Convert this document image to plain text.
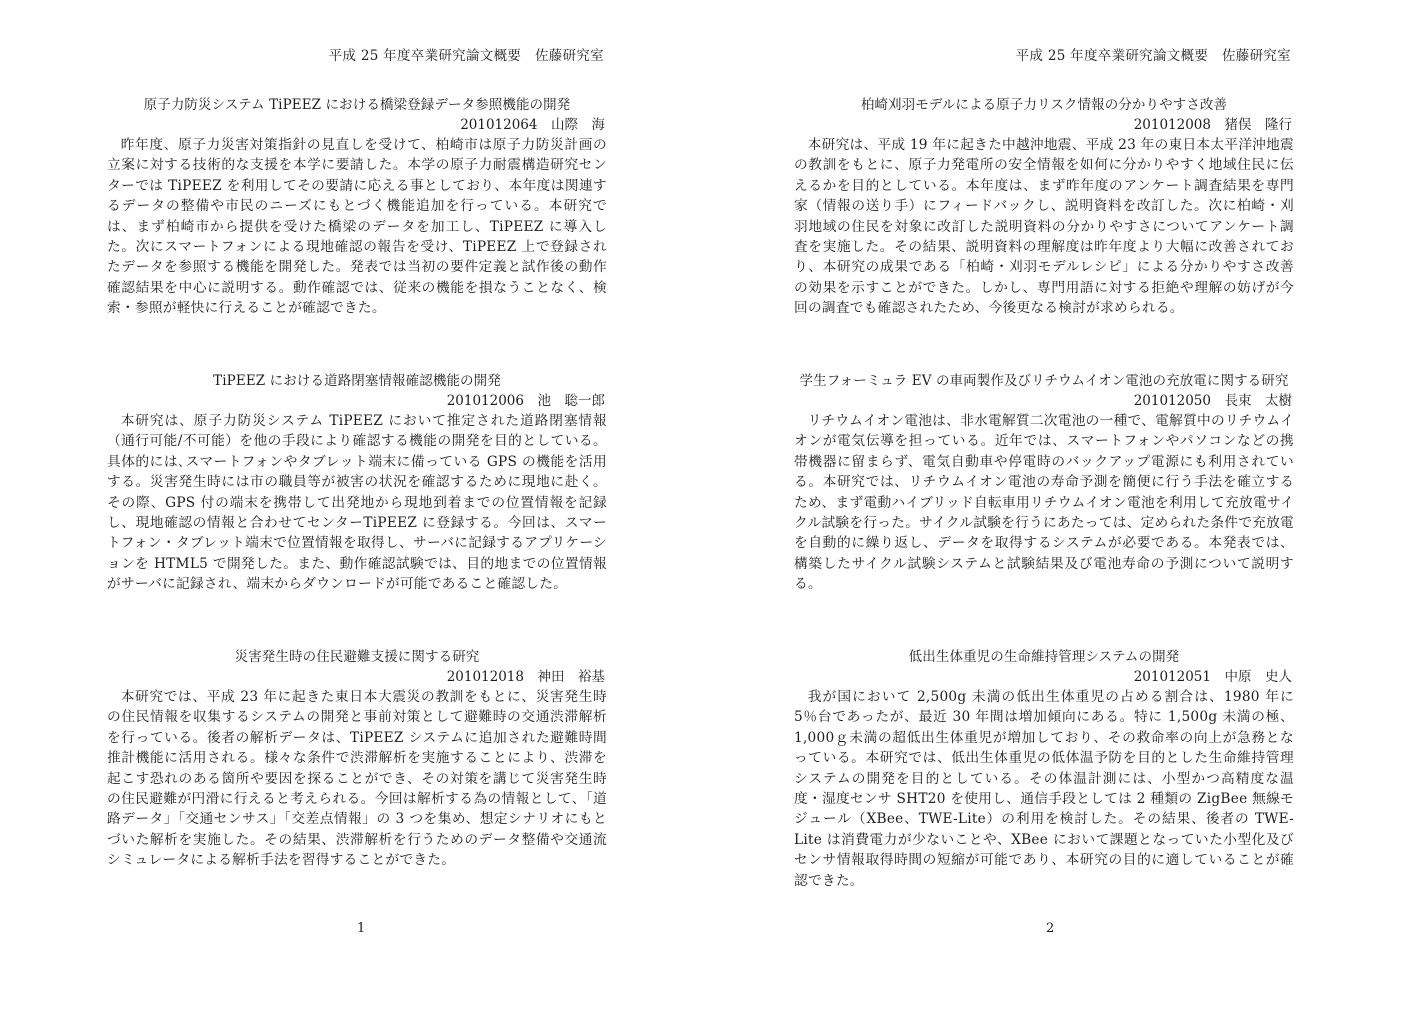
平成 25 年度卒業研究論文概要　佐藤研究室
原子力防災システム TiPEEZ における橋梁登録データ参照機能の開発
201012064　山際　海

昨年度、原子力災害対策指針の見直しを受けて、柏崎市は原子力防災計画の立案に対する技術的な支援を本学に要請した。本学の原子力耐震構造研究センターでは TiPEEZ を利用してその要請に応える事としており、本年度は関連するデータの整備や市民のニーズにもとづく機能追加を行っている。本研究では、まず柏崎市から提供を受けた橋梁のデータを加工し、TiPEEZ に導入した。次にスマートフォンによる現地確認の報告を受け、TiPEEZ 上で登録されたデータを参照する機能を開発した。発表では当初の要件定義と試作後の動作確認結果を中心に説明する。動作確認では、従来の機能を損なうことなく、検索・参照が軽快に行えることが確認できた。

TiPEEZ における道路閉塞情報確認機能の開発
201012006　池　聡一郎

本研究は、原子力防災システム TiPEEZ において推定された道路閉塞情報（通行可能/不可能）を他の手段により確認する機能の開発を目的としている。具体的には､スマートフォンやタブレット端末に備っている GPS の機能を活用する。災害発生時には市の職員等が被害の状況を確認するために現地に赴く。その際、GPS 付の端末を携帯して出発地から現地到着までの位置情報を記録し、現地確認の情報と合わせてセンターTiPEEZ に登録する。今回は、スマートフォン・タブレット端末で位置情報を取得し、サーバに記録するアプリケーションを HTML5 で開発した。また、動作確認試験では、目的地までの位置情報がサーバに記録され、端末からダウンロードが可能であること確認した。

災害発生時の住民避難支援に関する研究
201012018　神田　裕基

本研究では、平成 23 年に起きた東日本大震災の教訓をもとに、災害発生時の住民情報を収集するシステムの開発と事前対策として避難時の交通渋滞解析を行っている。後者の解析データは、TiPEEZ システムに追加された避難時間推計機能に活用される。様々な条件で渋滞解析を実施することにより、渋滞を起こす恐れのある箇所や要因を探ることができ、その対策を講じて災害発生時の住民避難が円滑に行えると考えられる。今回は解析する為の情報として、「道路データ」「交通センサス」「交差点情報」の 3 つを集め、想定シナリオにもとづいた解析を実施した。その結果、渋滞解析を行うためのデータ整備や交通流シミュレータによる解析手法を習得することができた。

1
平成 25 年度卒業研究論文概要　佐藤研究室
柏崎刈羽モデルによる原子力リスク情報の分かりやすさ改善
201012008　猪俣　隆行

本研究は、平成 19 年に起きた中越沖地震、平成 23 年の東日本太平洋沖地震の教訓をもとに、原子力発電所の安全情報を如何に分かりやすく地域住民に伝えるかを目的としている。本年度は、まず昨年度のアンケート調査結果を専門家（情報の送り手）にフィードバックし、説明資料を改訂した。次に柏崎・刈羽地域の住民を対象に改訂した説明資料の分かりやすさについてアンケート調査を実施した。その結果、説明資料の理解度は昨年度より大幅に改善されており、本研究の成果である「柏崎・刈羽モデルレシピ」による分かりやすさ改善の効果を示すことができた。しかし、専門用語に対する拒絶や理解の妨げが今回の調査でも確認されたため、今後更なる検討が求められる。

学生フォーミュラ EV の車両製作及びリチウムイオン電池の充放電に関する研究
201012050　長束　太樹

リチウムイオン電池は、非水電解質二次電池の一種で、電解質中のリチウムイオンが電気伝導を担っている。近年では、スマートフォンやパソコンなどの携帯機器に留まらず、電気自動車や停電時のバックアップ電源にも利用されている。本研究では、リチウムイオン電池の寿命予測を簡便に行う手法を確立するため、まず電動ハイブリッド自転車用リチウムイオン電池を利用して充放電サイクル試験を行った。サイクル試験を行うにあたっては、定められた条件で充放電を自動的に繰り返し、データを取得するシステムが必要である。本発表では、構築したサイクル試験システムと試験結果及び電池寿命の予測について説明する。

低出生体重児の生命維持管理システムの開発
201012051　中原　史人

我が国において 2,500g 未満の低出生体重児の占める割合は、1980 年に 5％台であったが、最近 30 年間は増加傾向にある。特に 1,500g 未満の極、1,000ｇ未満の超低出生体重児が増加しており、その救命率の向上が急務となっている。本研究では、低出生体重児の低体温予防を目的とした生命維持管理システムの開発を目的としている。その体温計測には、小型かつ高精度な温度・湿度センサ SHT20 を使用し、通信手段としては 2 種類の ZigBee 無線モジュール（XBee、TWE-Lite）の利用を検討した。その結果、後者の TWE-Lite は消費電力が少ないことや、XBee において課題となっていた小型化及びセンサ情報取得時間の短縮が可能であり、本研究の目的に適していることが確認できた。

2
